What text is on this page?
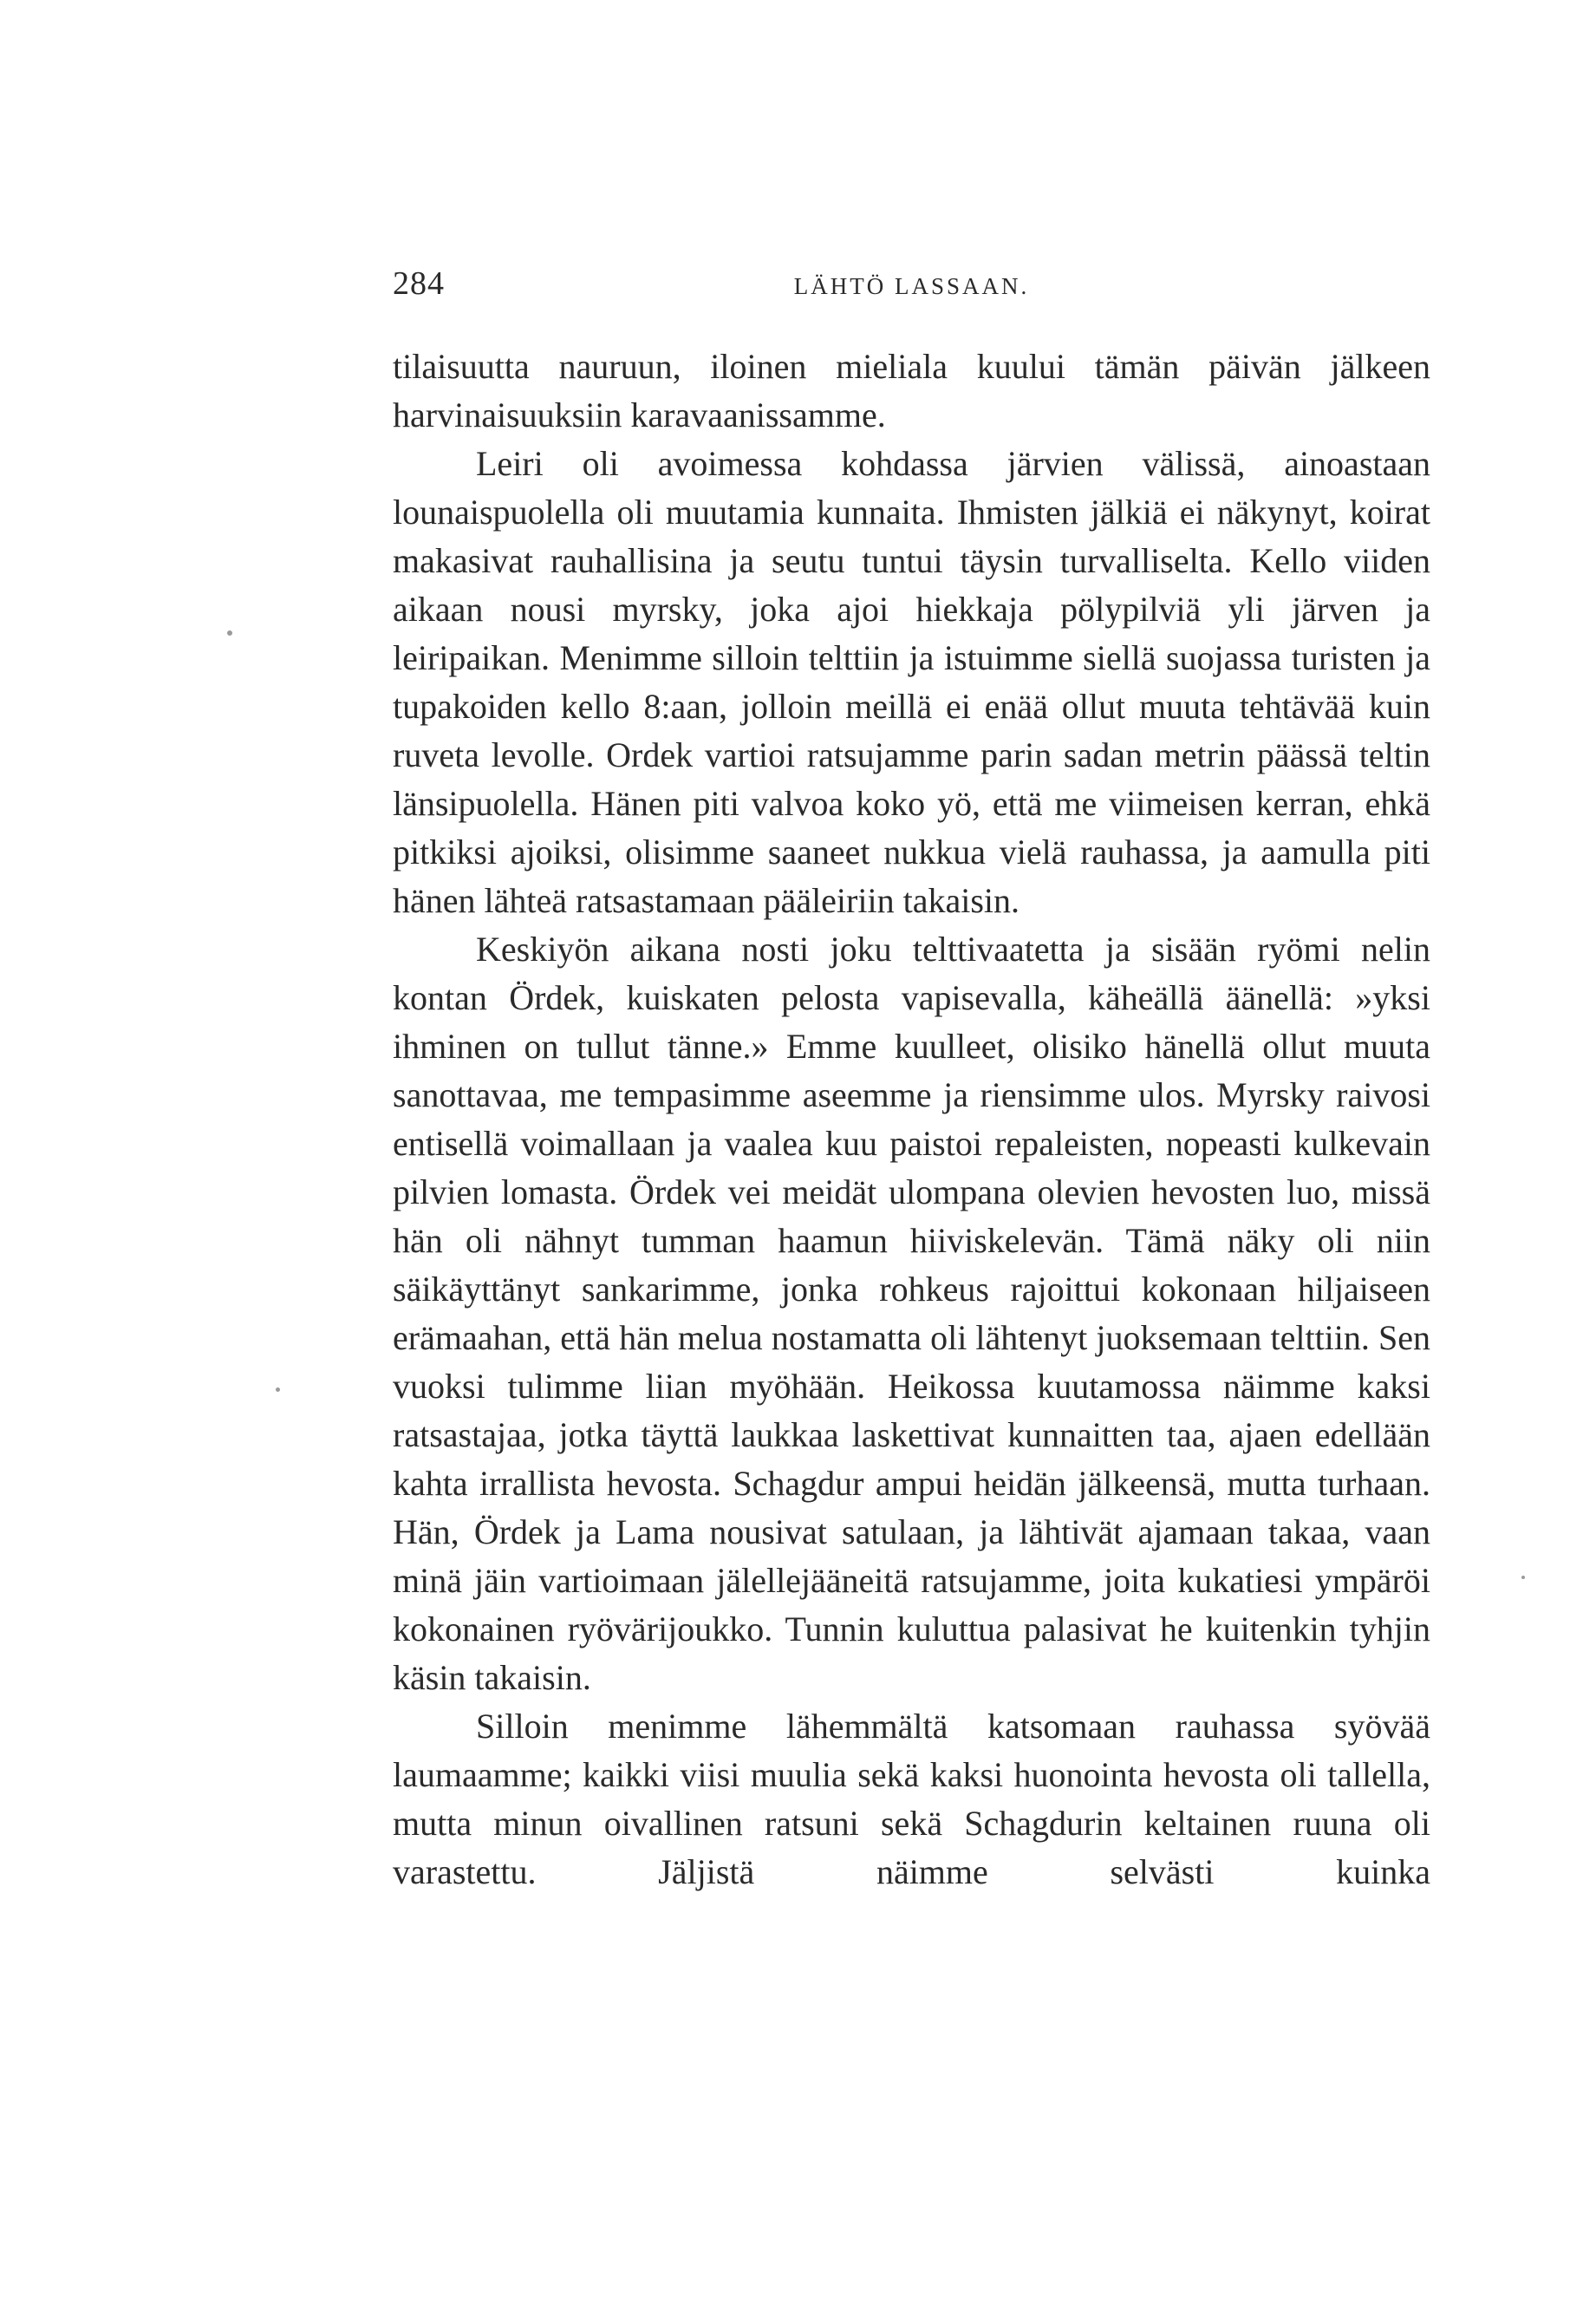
284	LÄHTÖ LASSAAN.

tilaisuutta nauruun, iloinen mieliala kuului tämän päivän jälkeen harvinaisuuksiin karavaanissamme.

Leiri oli avoimessa kohdassa järvien välissä, ainoastaan lounaispuolella oli muutamia kunnaita. Ihmisten jälkiä ei näkynyt, koirat makasivat rauhallisina ja seutu tuntui täysin turvalliselta. Kello viiden aikaan nousi myrsky, joka ajoi hiekkaja pölypilviä yli järven ja leiripaikan. Menimme silloin telttiin ja istuimme siellä suojassa turisten ja tupakoiden kello 8:aan, jolloin meillä ei enää ollut muuta tehtävää kuin ruveta levolle. Ordek vartioi ratsujamme parin sadan metrin päässä teltin länsipuolella. Hänen piti valvoa koko yö, että me viimeisen kerran, ehkä pitkiksi ajoiksi, olisimme saaneet nukkua vielä rauhassa, ja aamulla piti hänen lähteä ratsastamaan pääleiriin takaisin.

Keskiyön aikana nosti joku telttivaatetta ja sisään ryömi nelin kontan Ördek, kuiskaten pelosta vapisevalla, käheällä äänellä: »yksi ihminen on tullut tänne.» Emme kuulleet, olisiko hänellä ollut muuta sanottavaa, me tempasimme aseemme ja riensimme ulos. Myrsky raivosi entisellä voimallaan ja vaalea kuu paistoi repaleisten, nopeasti kulkevain pilvien lomasta. Ördek vei meidät ulompana olevien hevosten luo, missä hän oli nähnyt tumman haamun hiiviskelevän. Tämä näky oli niin säikäyttänyt sankarimme, jonka rohkeus rajoittui kokonaan hiljaiseen erämaahan, että hän melua nostamatta oli lähtenyt juoksemaan telttiin. Sen vuoksi tulimme liian myöhään. Heikossa kuutamossa näimme kaksi ratsastajaa, jotka täyttä laukkaa laskettivat kunnaitten taa, ajaen edellään kahta irrallista hevosta. Schagdur ampui heidän jälkeensä, mutta turhaan. Hän, Ördek ja Lama nousivat satulaan, ja lähtivät ajamaan takaa, vaan minä jäin vartioimaan jälellejääneitä ratsujamme, joita kukatiesi ympäröi kokonainen ryövärijoukko. Tunnin kuluttua palasivat he kuitenkin tyhjin käsin takaisin.

Silloin menimme lähemmältä katsomaan rauhassa syövää laumaamme; kaikki viisi muulia sekä kaksi huonointa hevosta oli tallella, mutta minun oivallinen ratsuni sekä Schagdurin keltainen ruuna oli varastettu. Jäljistä näimme selvästi kuinka
